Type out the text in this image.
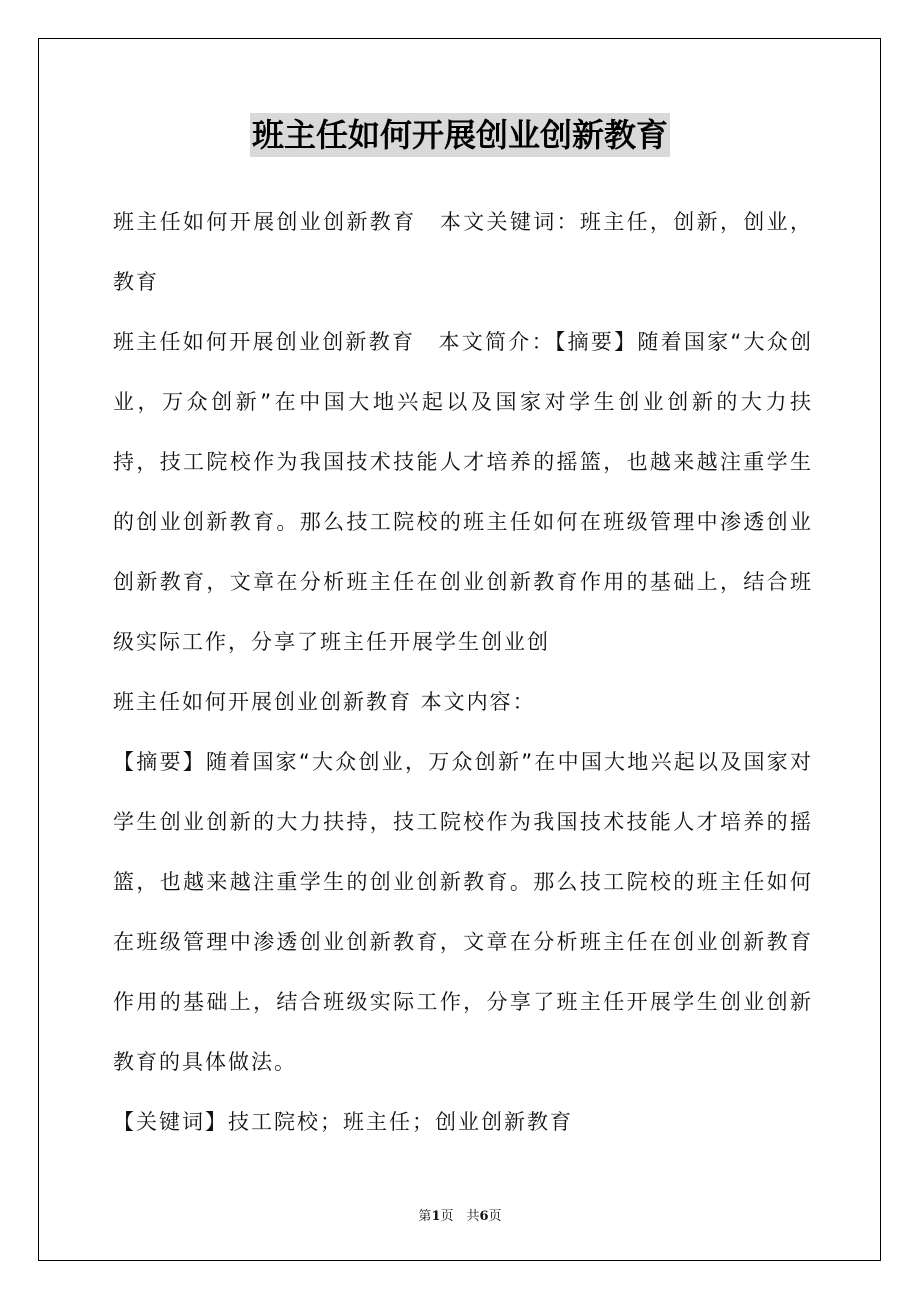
班主任如何开展创业创新教育

班主任如何开展创业创新教育　本文关键词：班主任，创新，创业，教育

班主任如何开展创业创新教育　本文简介：【摘要】随着国家“大众创业，万众创新”在中国大地兴起以及国家对学生创业创新的大力扶持，技工院校作为我国技术技能人才培养的摇篮，也越来越注重学生的创业创新教育。那么技工院校的班主任如何在班级管理中渗透创业创新教育，文章在分析班主任在创业创新教育作用的基础上，结合班级实际工作，分享了班主任开展学生创业创

班主任如何开展创业创新教育 本文内容：

【摘要】随着国家“大众创业，万众创新”在中国大地兴起以及国家对学生创业创新的大力扶持，技工院校作为我国技术技能人才培养的摇篮，也越来越注重学生的创业创新教育。那么技工院校的班主任如何在班级管理中渗透创业创新教育，文章在分析班主任在创业创新教育作用的基础上，结合班级实际工作，分享了班主任开展学生创业创新教育的具体做法。

【关键词】技工院校；班主任；创业创新教育

第1页　共6页
